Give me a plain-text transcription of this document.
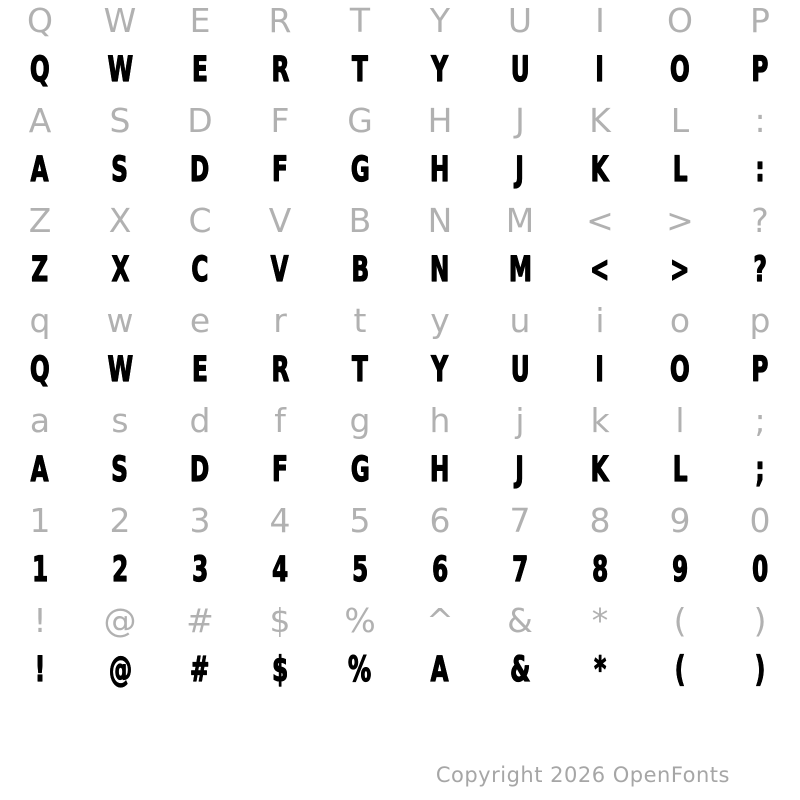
Q W E R T Y U I O P
Q W E R T Y U I O P
A S D F G H J K L :
A S D F G H J K L :
Z X C V B N M < > ?
Z X C V B N M < > ?
q w e r t y u i o p
Q W E R T Y U I O P
a s d f g h j k l ;
A S D F G H J K L ;
1 2 3 4 5 6 7 8 9 0
1 2 3 4 5 6 7 8 9 0
! @ # $ % ^ & * ( )
! @ # $ % A & * ( )
Copyright 2026 OpenFonts
